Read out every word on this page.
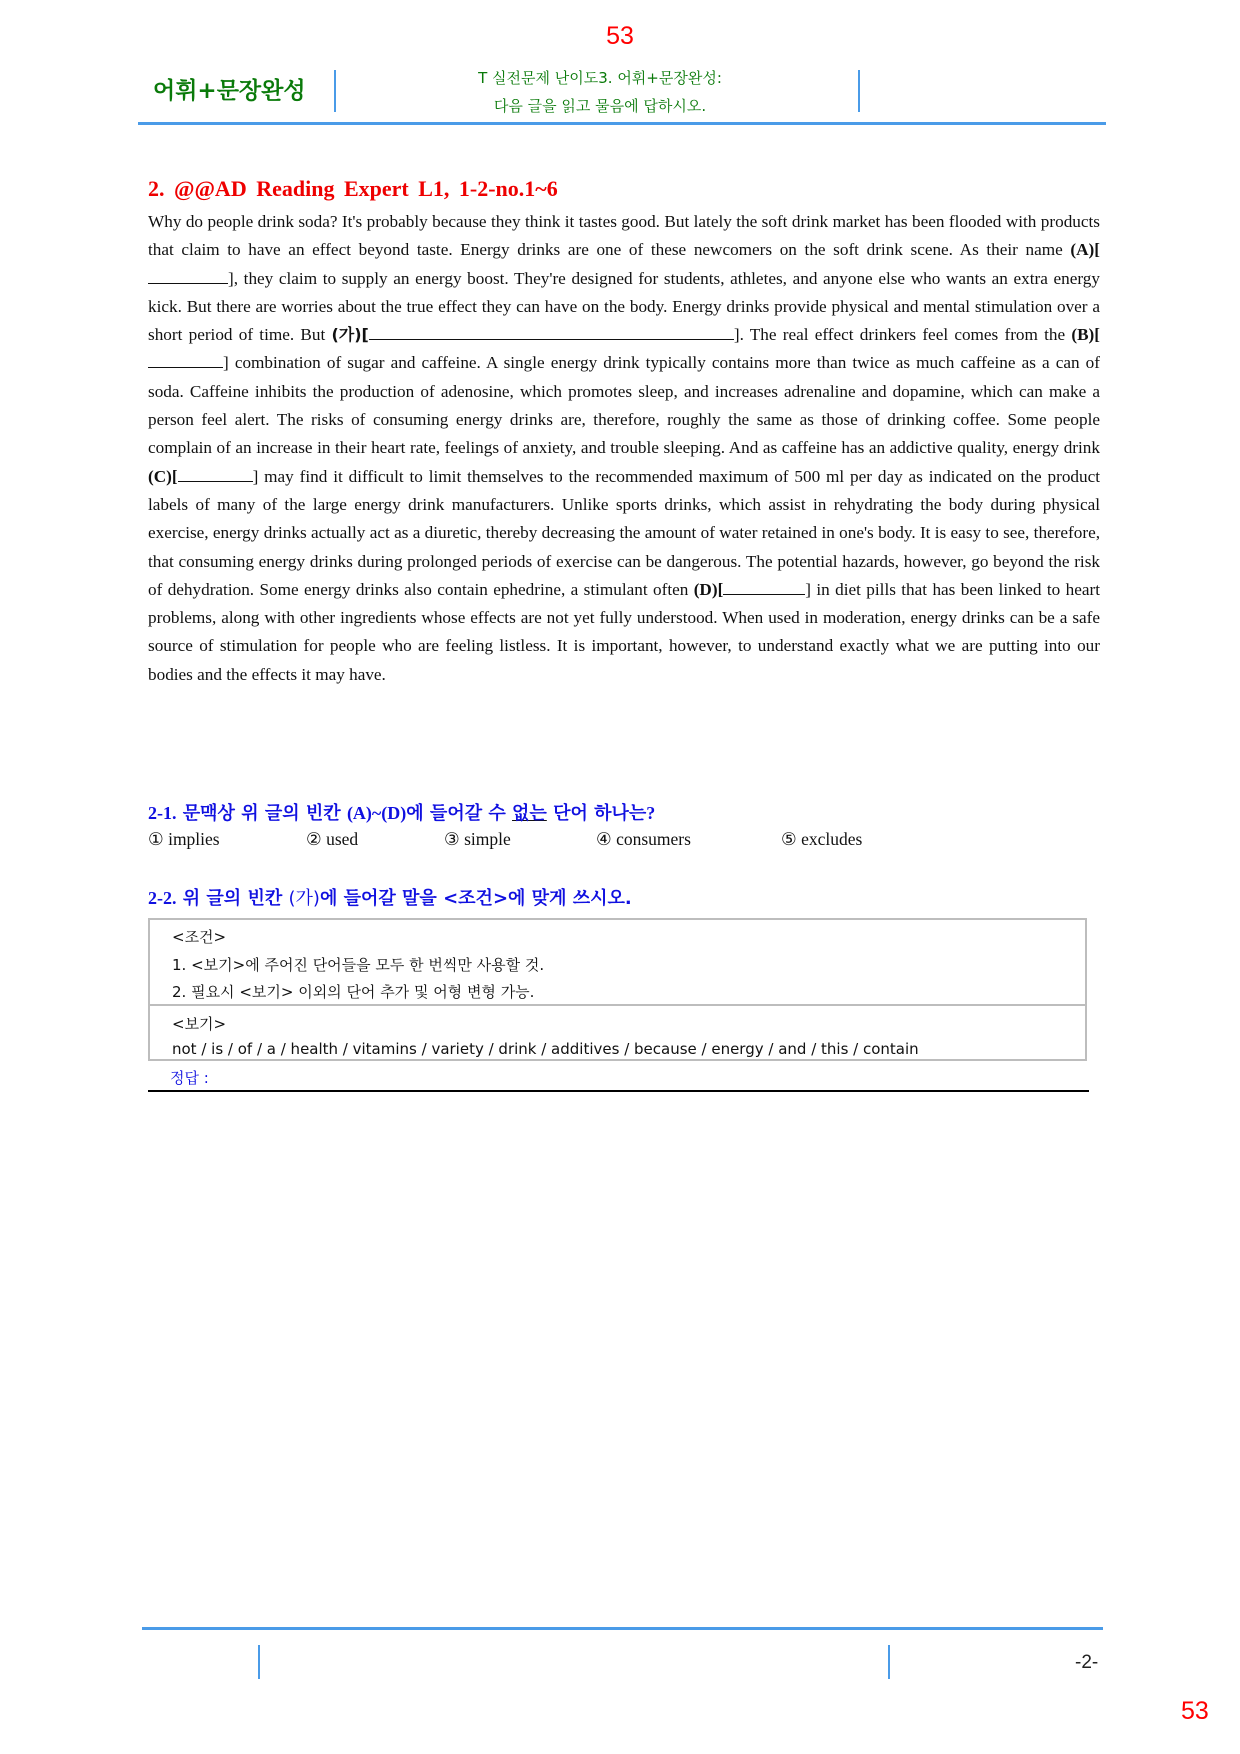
53
어휘+문장완성	T 실전문제 난이도3. 어휘+문장완성:
다음 글을 읽고 물음에 답하시오.
2. @@AD Reading Expert L1, 1-2-no.1~6
Why do people drink soda? It's probably because they think it tastes good. But lately the soft drink market has been flooded with products that claim to have an effect beyond taste. Energy drinks are one of these newcomers on the soft drink scene. As their name (A)[], they claim to supply an energy boost. They're designed for students, athletes, and anyone else who wants an extra energy kick. But there are worries about the true effect they can have on the body. Energy drinks provide physical and mental stimulation over a short period of time. But (가)[	]. The real effect drinkers feel comes from the (B)[] combination of sugar and caffeine. A single energy drink typically contains more than twice as much caffeine as a can of soda. Caffeine inhibits the production of adenosine, which promotes sleep, and increases adrenaline and dopamine, which can make a person feel alert. The risks of consuming energy drinks are, therefore, roughly the same as those of drinking coffee. Some people complain of an increase in their heart rate, feelings of anxiety, and trouble sleeping. And as caffeine has an addictive quality, energy drink (C)[	] may find it difficult to limit themselves to the recommended maximum of 500 ml per day as indicated on the product labels of many of the large energy drink manufacturers. Unlike sports drinks, which assist in rehydrating the body during physical exercise, energy drinks actually act as a diuretic, thereby decreasing the amount of water retained in one's body. It is easy to see, therefore, that consuming energy drinks during prolonged periods of exercise can be dangerous. The potential hazards, however, go beyond the risk of dehydration. Some energy drinks also contain ephedrine, a stimulant often (D)[	] in diet pills that has been linked to heart problems, along with other ingredients whose effects are not yet fully understood. When used in moderation, energy drinks can be a safe source of stimulation for people who are feeling listless. It is important, however, to understand exactly what we are putting into our bodies and the effects it may have.
2-1. 문맥상 위 글의 빈칸 (A)~(D)에 들어갈 수 없는 단어 하나는?
① implies	② used	③ simple	④ consumers	⑤ excludes
2-2. 위 글의 빈칸 (가)에 들어갈 말을 <조건>에 맞게 쓰시오.
<조건>
1. <보기>에 주어진 단어들을 모두 한 번씩만 사용할 것.
2. 필요시 <보기> 이외의 단어 추가 및 어형 변형 가능.
<보기>
not / is / of / a / health / vitamins / variety / drink / additives / because / energy / and / this / contain
정답 :
-2-
53
